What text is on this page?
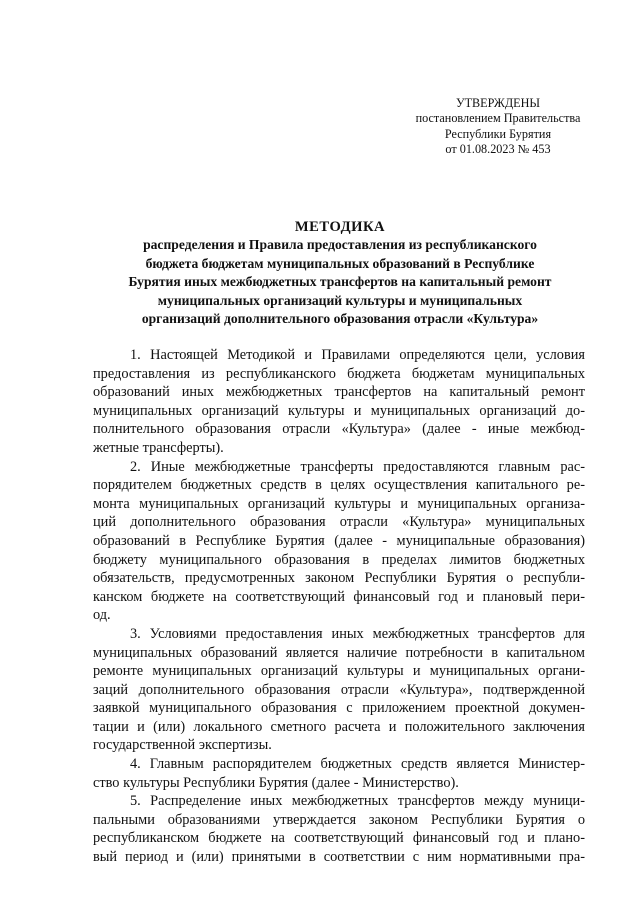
УТВЕРЖДЕНЫ
постановлением Правительства
Республики Бурятия
от 01.08.2023 № 453
МЕТОДИКА
распределения и Правила предоставления из республиканского
бюджета бюджетам муниципальных образований в Республике
Бурятия иных межбюджетных трансфертов на капитальный ремонт
муниципальных организаций культуры и муниципальных
организаций дополнительного образования отрасли «Культура»
1. Настоящей Методикой и Правилами определяются цели, условия
предоставления из республиканского бюджета бюджетам муниципальных
образований иных межбюджетных трансфертов на капитальный ремонт
муниципальных организаций культуры и муниципальных организаций до-
полнительного образования отрасли «Культура» (далее - иные межбюд-
жетные трансферты).
2. Иные межбюджетные трансферты предоставляются главным рас-
порядителем бюджетных средств в целях осуществления капитального ре-
монта муниципальных организаций культуры и муниципальных организа-
ций дополнительного образования отрасли «Культура» муниципальных
образований в Республике Бурятия (далее - муниципальные образования)
бюджету муниципального образования в пределах лимитов бюджетных
обязательств, предусмотренных законом Республики Бурятия о республи-
канском бюджете на соответствующий финансовый год и плановый пери-
од.
3. Условиями предоставления иных межбюджетных трансфертов для
муниципальных образований является наличие потребности в капитальном
ремонте муниципальных организаций культуры и муниципальных органи-
заций дополнительного образования отрасли «Культура», подтвержденной
заявкой муниципального образования с приложением проектной докумен-
тации и (или) локального сметного расчета и положительного заключения
государственной экспертизы.
4. Главным распорядителем бюджетных средств является Министер-
ство культуры Республики Бурятия (далее - Министерство).
5. Распределение иных межбюджетных трансфертов между муници-
пальными образованиями утверждается законом Республики Бурятия о
республиканском бюджете на соответствующий финансовый год и плано-
вый период и (или) принятыми в соответствии с ним нормативными пра-
